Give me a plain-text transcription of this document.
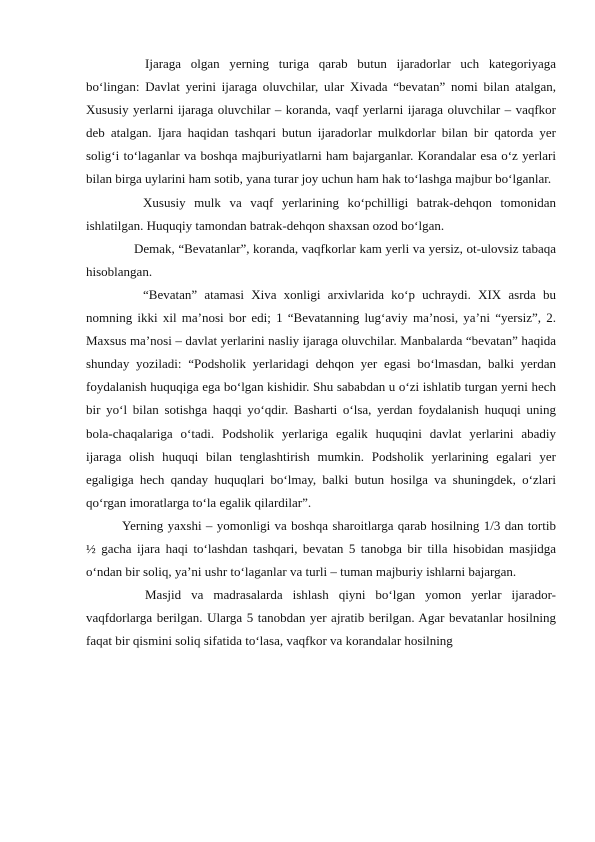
Ijaraga olgan yerning turiga qarab butun ijaradorlar uch kategoriyaga bo‘lingan: Davlat yerini ijaraga oluvchilar, ular Xivada “bevatan” nomi bilan atalgan, Xususiy yerlarni ijaraga oluvchilar – koranda, vaqf yerlarni ijaraga oluvchilar – vaqfkor deb atalgan. Ijara haqidan tashqari butun ijaradorlar mulkdorlar bilan bir qatorda yer solig‘i to‘laganlar va boshqa majburiyatlarni ham bajarganlar. Korandalar esa o‘z yerlari bilan birga uylarini ham sotib, yana turar joy uchun ham hak to‘lashga majbur bo‘lganlar.

Xususiy mulk va vaqf yerlarining ko‘pchilligi batrak-dehqon tomonidan ishlatilgan. Huquqiy tamondan batrak-dehqon shaxsan ozod bo‘lgan.

Demak, “Bevatanlar”, koranda, vaqfkorlar kam yerli va yersiz, ot-ulovsiz tabaqa hisoblangan.

“Bevatan” atamasi Xiva xonligi arxivlarida ko‘p uchraydi. XIX asrda bu nomning ikki xil ma’nosi bor edi; 1 “Bevatanning lug‘aviy ma’nosi, ya’ni “yersiz”, 2. Maxsus ma’nosi – davlat yerlarini nasliy ijaraga oluvchilar. Manbalarda “bevatan” haqida shunday yoziladi: “Podsholik yerlaridagi dehqon yer egasi bo‘lmasdan, balki yerdan foydalanish huquqiga ega bo‘lgan kishidir. Shu sababdan u o‘zi ishlatib turgan yerni hech bir yo‘l bilan sotishga haqqi yo‘qdir. Basharti o‘lsa, yerdan foydalanish huquqi uning bola-chaqalariga o‘tadi. Podsholik yerlariga egalik huquqini davlat yerlarini abadiy ijaraga olish huquqi bilan tenglashtirish mumkin. Podsholik yerlarining egalari yer egaligiga hech qanday huquqlari bo‘lmay, balki butun hosilga va shuningdek, o‘zlari qo‘rgan imoratlarga to‘la egalik qilardilar”.

Yerning yaxshi – yomonligi va boshqa sharoitlarga qarab hosilning 1/3 dan tortib ½ gacha ijara haqi to‘lashdan tashqari, bevatan 5 tanobga bir tilla hisobidan masjidga o‘ndan bir soliq, ya’ni ushr to‘laganlar va turli – tuman majburiy ishlarni bajargan.

Masjid va madrasalarda ishlash qiyni bo‘lgan yomon yerlar ijarador-vaqfdorlarga berilgan. Ularga 5 tanobdan yer ajratib berilgan. Agar bevatanlar hosilning faqat bir qismini soliq sifatida to‘lasa, vaqfkor va korandalar hosilning
